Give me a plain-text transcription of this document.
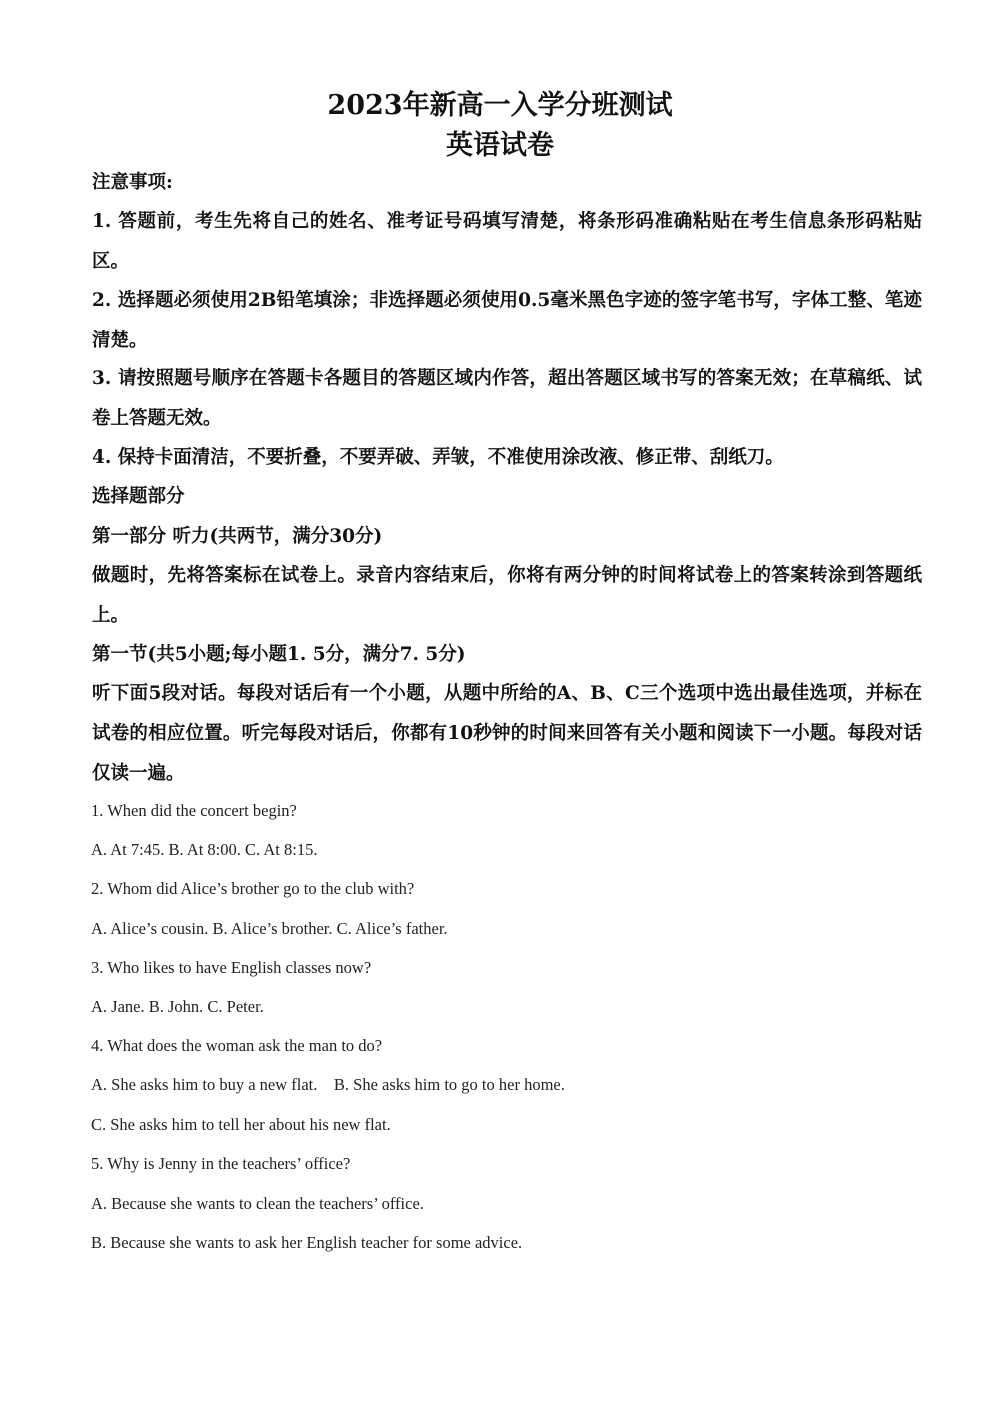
2023年新高一入学分班测试
英语试卷

注意事项:

1. 答题前，考生先将自己的姓名、准考证号码填写清楚，将条形码准确粘贴在考生信息条形码粘贴区。

2. 选择题必须使用2B铅笔填涂；非选择题必须使用0.5毫米黑色字迹的签字笔书写，字体工整、笔迹清楚。

3. 请按照题号顺序在答题卡各题目的答题区域内作答，超出答题区域书写的答案无效；在草稿纸、试卷上答题无效。

4. 保持卡面清洁，不要折叠，不要弄破、弄皱，不准使用涂改液、修正带、刮纸刀。

选择题部分

第一部分 听力(共两节，满分30分)

做题时，先将答案标在试卷上。录音内容结束后，你将有两分钟的时间将试卷上的答案转涂到答题纸上。

第一节(共5小题;每小题1. 5分，满分7. 5分)

听下面5段对话。每段对话后有一个小题，从题中所给的A、B、C三个选项中选出最佳选项，并标在试卷的相应位置。听完每段对话后，你都有10秒钟的时间来回答有关小题和阅读下一小题。每段对话仅读一遍。

1. When did the concert begin?

A. At 7:45. B. At 8:00. C. At 8:15.

2. Whom did Alice’s brother go to the club with?

A. Alice’s cousin. B. Alice’s brother. C. Alice’s father.

3. Who likes to have English classes now?

A. Jane. B. John. C. Peter.

4. What does the woman ask the man to do?

A. She asks him to buy a new flat.    B. She asks him to go to her home.

C. She asks him to tell her about his new flat.

5. Why is Jenny in the teachers’ office?

A. Because she wants to clean the teachers’ office.

B. Because she wants to ask her English teacher for some advice.
